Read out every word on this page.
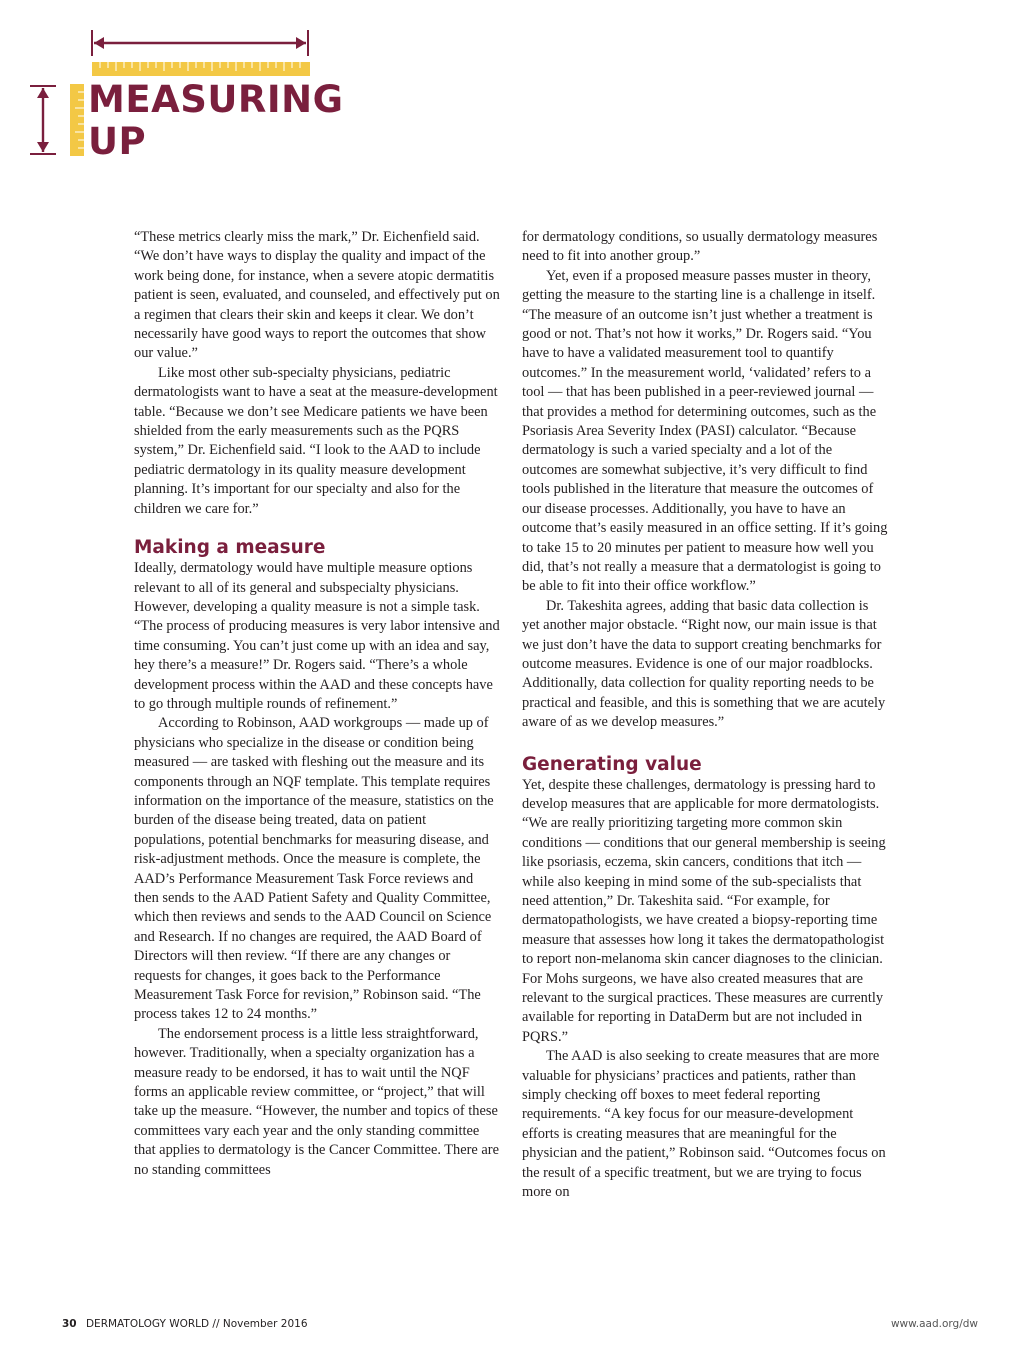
MEASURING
UP

“These metrics clearly miss the mark,” Dr. Eichenfield said. “We don’t have ways to display the quality and impact of the work being done, for instance, when a severe atopic dermatitis patient is seen, evaluated, and counseled, and effectively put on a regimen that clears their skin and keeps it clear. We don’t necessarily have good ways to report the outcomes that show our value.”

Like most other sub-specialty physicians, pediatric dermatologists want to have a seat at the measure-development table. “Because we don’t see Medicare patients we have been shielded from the early measurements such as the PQRS system,” Dr. Eichenfield said. “I look to the AAD to include pediatric dermatology in its quality measure development planning. It’s important for our specialty and also for the children we care for.”

Making a measure

Ideally, dermatology would have multiple measure options relevant to all of its general and subspecialty physicians. However, developing a quality measure is not a simple task. “The process of producing measures is very labor intensive and time consuming. You can’t just come up with an idea and say, hey there’s a measure!” Dr. Rogers said. “There’s a whole development process within the AAD and these concepts have to go through multiple rounds of refinement.”

According to Robinson, AAD workgroups — made up of physicians who specialize in the disease or condition being measured — are tasked with fleshing out the measure and its components through an NQF template. This template requires information on the importance of the measure, statistics on the burden of the disease being treated, data on patient populations, potential benchmarks for measuring disease, and risk-adjustment methods. Once the measure is complete, the AAD’s Performance Measurement Task Force reviews and then sends to the AAD Patient Safety and Quality Committee, which then reviews and sends to the AAD Council on Science and Research. If no changes are required, the AAD Board of Directors will then review. “If there are any changes or requests for changes, it goes back to the Performance Measurement Task Force for revision,” Robinson said. “The process takes 12 to 24 months.”

The endorsement process is a little less straightforward, however. Traditionally, when a specialty organization has a measure ready to be endorsed, it has to wait until the NQF forms an applicable review committee, or “project,” that will take up the measure. “However, the number and topics of these committees vary each year and the only standing committee that applies to dermatology is the Cancer Committee. There are no standing committees

for dermatology conditions, so usually dermatology measures need to fit into another group.”

Yet, even if a proposed measure passes muster in theory, getting the measure to the starting line is a challenge in itself. “The measure of an outcome isn’t just whether a treatment is good or not. That’s not how it works,” Dr. Rogers said. “You have to have a validated measurement tool to quantify outcomes.” In the measurement world, ‘validated’ refers to a tool — that has been published in a peer-reviewed journal — that provides a method for determining outcomes, such as the Psoriasis Area Severity Index (PASI) calculator. “Because dermatology is such a varied specialty and a lot of the outcomes are somewhat subjective, it’s very difficult to find tools published in the literature that measure the outcomes of our disease processes. Additionally, you have to have an outcome that’s easily measured in an office setting. If it’s going to take 15 to 20 minutes per patient to measure how well you did, that’s not really a measure that a dermatologist is going to be able to fit into their office workflow.”

Dr. Takeshita agrees, adding that basic data collection is yet another major obstacle. “Right now, our main issue is that we just don’t have the data to support creating benchmarks for outcome measures. Evidence is one of our major roadblocks. Additionally, data collection for quality reporting needs to be practical and feasible, and this is something that we are acutely aware of as we develop measures.”

Generating value

Yet, despite these challenges, dermatology is pressing hard to develop measures that are applicable for more dermatologists. “We are really prioritizing targeting more common skin conditions — conditions that our general membership is seeing like psoriasis, eczema, skin cancers, conditions that itch — while also keeping in mind some of the sub-specialists that need attention,” Dr. Takeshita said. “For example, for dermatopathologists, we have created a biopsy-reporting time measure that assesses how long it takes the dermatopathologist to report non-melanoma skin cancer diagnoses to the clinician. For Mohs surgeons, we have also created measures that are relevant to the surgical practices. These measures are currently available for reporting in DataDerm but are not included in PQRS.”

The AAD is also seeking to create measures that are more valuable for physicians’ practices and patients, rather than simply checking off boxes to meet federal reporting requirements. “A key focus for our measure-development efforts is creating measures that are meaningful for the physician and the patient,” Robinson said. “Outcomes focus on the result of a specific treatment, but we are trying to focus more on

30 DERMATOLOGY WORLD // November 2016	www.aad.org/dw
